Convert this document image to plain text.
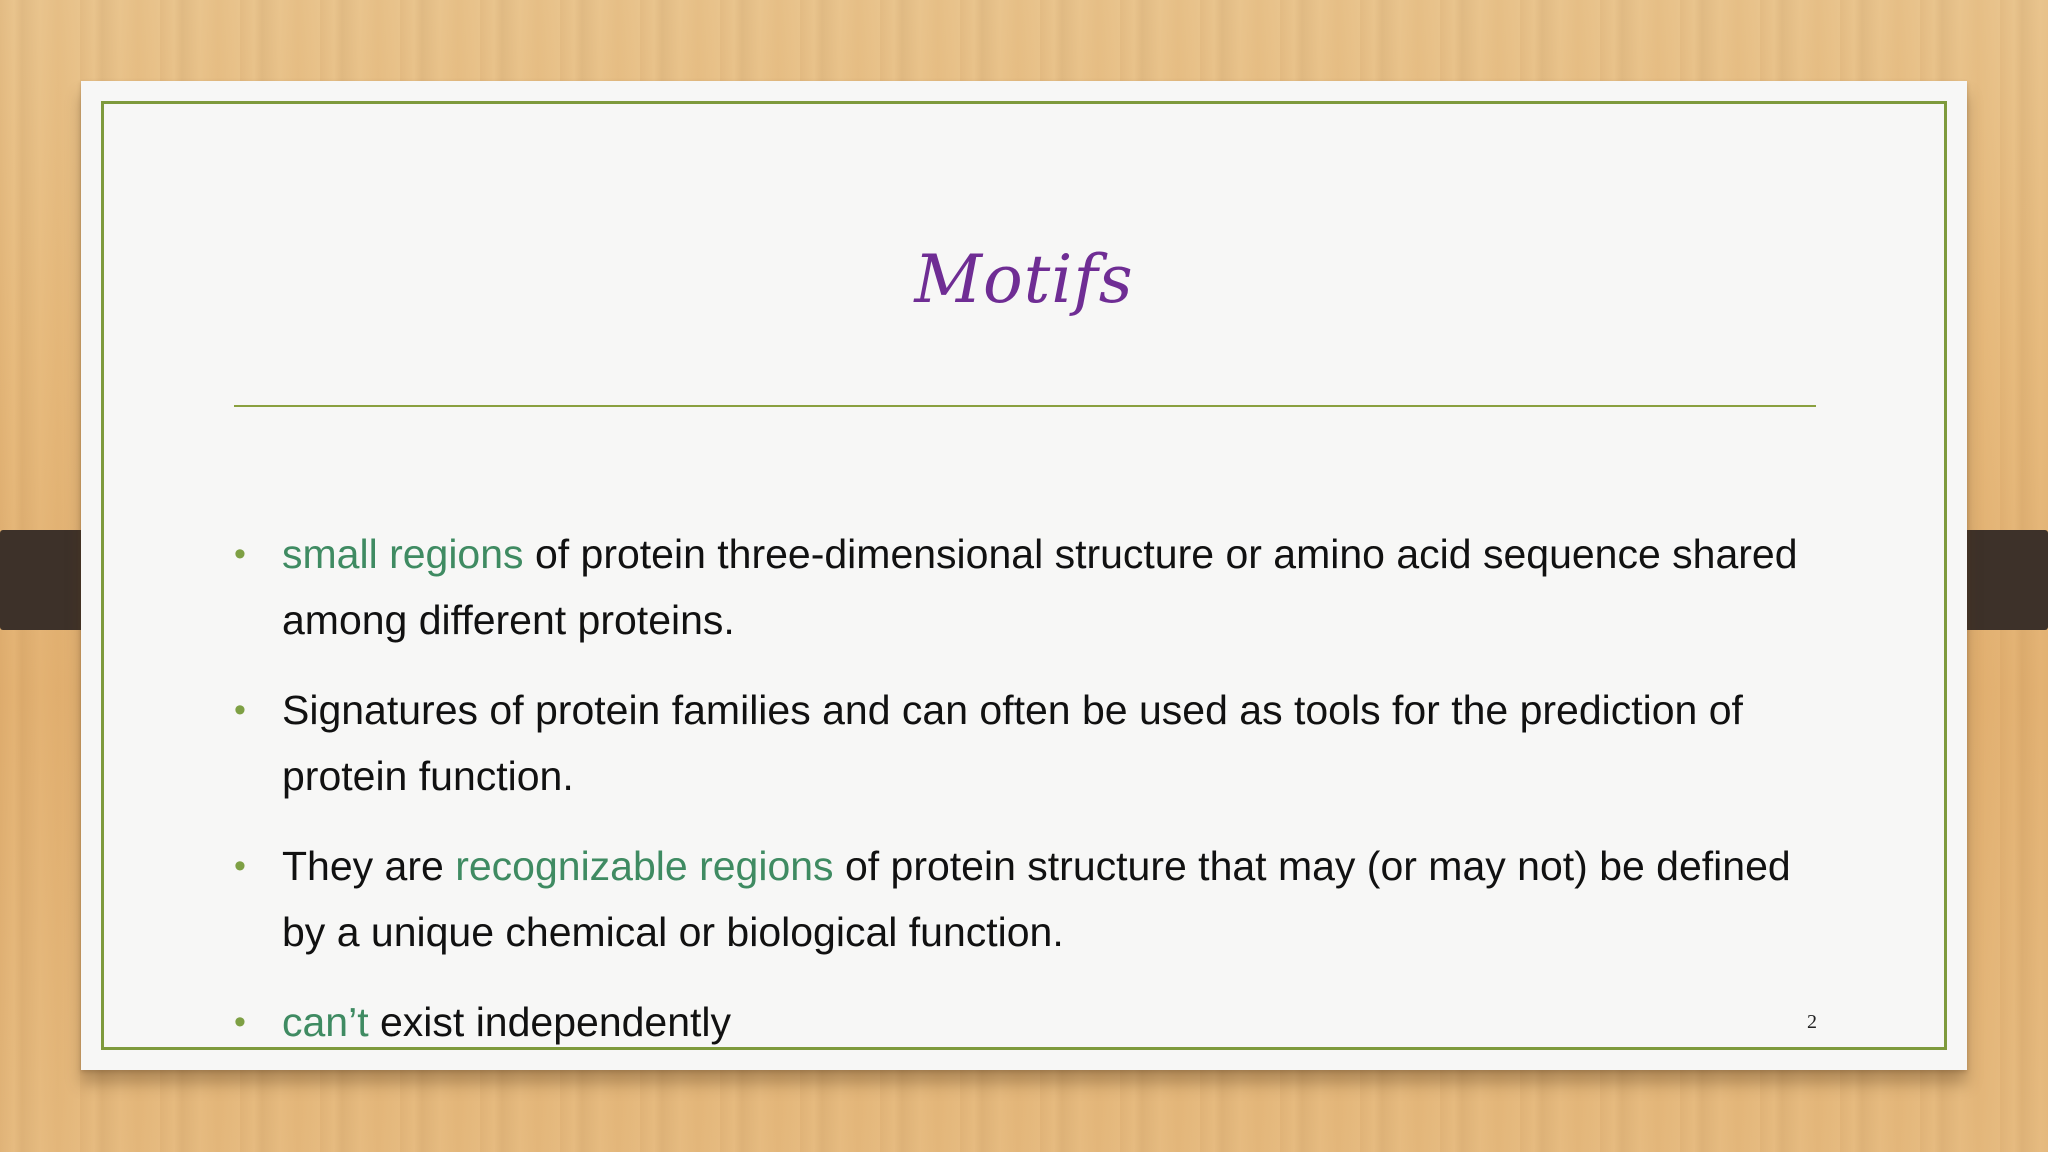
Motifs
• small regions of protein three-dimensional structure or amino acid sequence shared among different proteins.
• Signatures of protein families and can often be used as tools for the prediction of protein function.
• They are recognizable regions of protein structure that may (or may not) be defined by a unique chemical or biological function.
• can’t exist independently	2
